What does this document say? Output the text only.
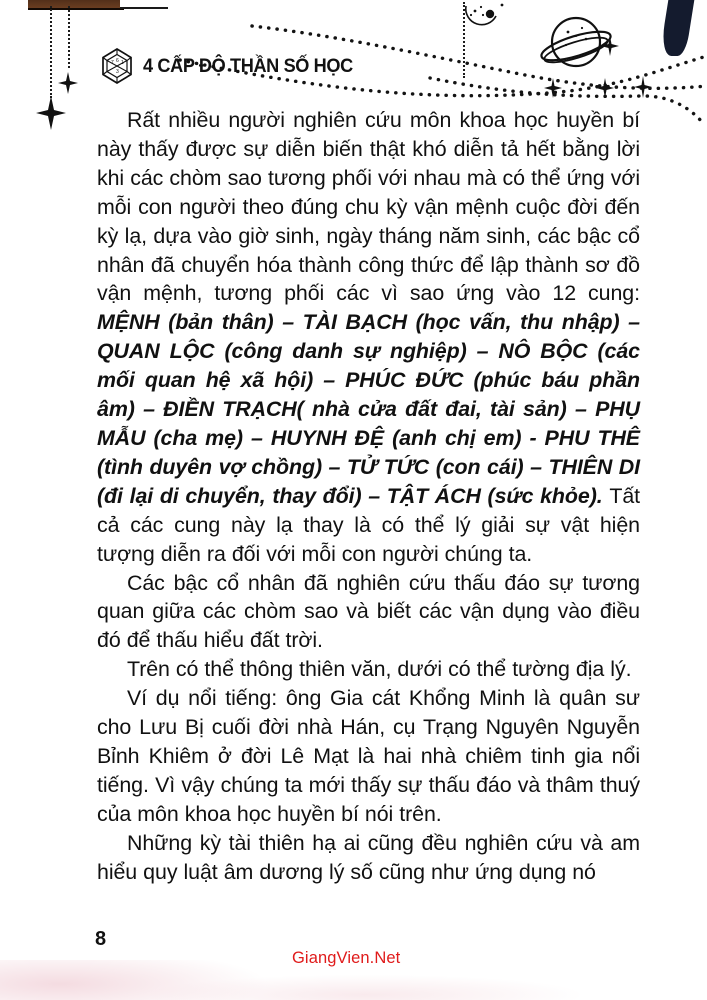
7 6 1
3 4 CẤP ĐỘ THẦN SỐ HỌC

Rất nhiều người nghiên cứu môn khoa học huyền bí này thấy được sự diễn biến thật khó diễn tả hết bằng lời khi các chòm sao tương phối với nhau mà có thể ứng với mỗi con người theo đúng chu kỳ vận mệnh cuộc đời đến kỳ lạ, dựa vào giờ sinh, ngày tháng năm sinh, các bậc cổ nhân đã chuyển hóa thành công thức để lập thành sơ đồ vận mệnh, tương phối các vì sao ứng vào 12 cung: MỆNH (bản thân) – TÀI BẠCH (học vấn, thu nhập) – QUAN LỘC (công danh sự nghiệp) – NÔ BỘC (các mối quan hệ xã hội) – PHÚC ĐỨC (phúc báu phần âm) – ĐIỀN TRẠCH( nhà cửa đất đai, tài sản) – PHỤ MẪU (cha mẹ) – HUYNH ĐỆ (anh chị em) - PHU THÊ (tình duyên vợ chồng) – TỬ TỨC (con cái) – THIÊN DI (đi lại di chuyển, thay đổi) – TẬT ÁCH (sức khỏe). Tất cả các cung này lạ thay là có thể lý giải sự vật hiện tượng diễn ra đối với mỗi con người chúng ta.

Các bậc cổ nhân đã nghiên cứu thấu đáo sự tương quan giữa các chòm sao và biết các vận dụng vào điều đó để thấu hiểu đất trời.

Trên có thể thông thiên văn, dưới có thể tường địa lý.

Ví dụ nổi tiếng: ông Gia cát Khổng Minh là quân sư cho Lưu Bị cuối đời nhà Hán, cụ Trạng Nguyên Nguyễn Bỉnh Khiêm ở đời Lê Mạt là hai nhà chiêm tinh gia nổi tiếng. Vì vậy chúng ta mới thấy sự thấu đáo và thâm thuý của môn khoa học huyền bí nói trên.

Những kỳ tài thiên hạ ai cũng đều nghiên cứu và am hiểu quy luật âm dương lý số cũng như ứng dụng nó

8
GiangVien.Net
